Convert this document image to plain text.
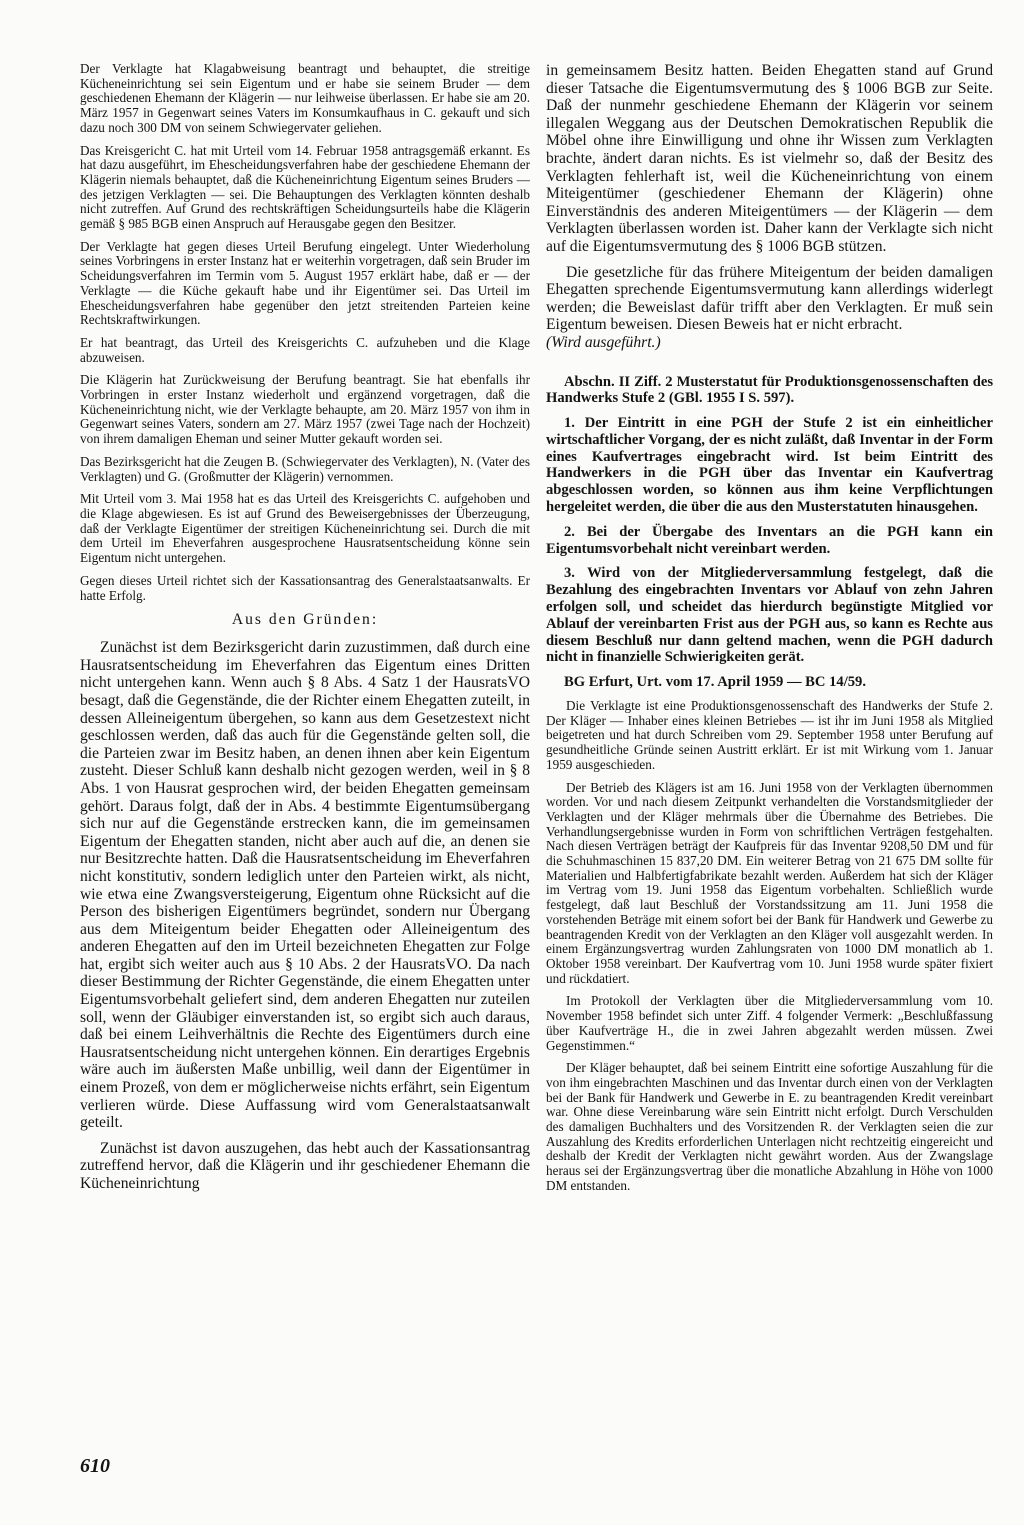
Der Verklagte hat Klagabweisung beantragt und behauptet, die streitige Kücheneinrichtung sei sein Eigentum und er habe sie seinem Bruder — dem geschiedenen Ehemann der Klägerin — nur leihweise überlassen. Er habe sie am 20. März 1957 in Gegenwart seines Vaters im Konsumkaufhaus in C. gekauft und sich dazu noch 300 DM von seinem Schwiegervater geliehen.

Das Kreisgericht C. hat mit Urteil vom 14. Februar 1958 antragsgemäß erkannt. Es hat dazu ausgeführt, im Ehescheidungsverfahren habe der geschiedene Ehemann der Klägerin niemals behauptet, daß die Kücheneinrichtung Eigentum seines Bruders — des jetzigen Verklagten — sei. Die Behauptungen des Verklagten könnten deshalb nicht zutreffen. Auf Grund des rechtskräftigen Scheidungsurteils habe die Klägerin gemäß § 985 BGB einen Anspruch auf Herausgabe gegen den Besitzer.

Der Verklagte hat gegen dieses Urteil Berufung eingelegt. Unter Wiederholung seines Vorbringens in erster Instanz hat er weiterhin vorgetragen, daß sein Bruder im Scheidungsverfahren im Termin vom 5. August 1957 erklärt habe, daß er — der Verklagte — die Küche gekauft habe und ihr Eigentümer sei. Das Urteil im Ehescheidungsverfahren habe gegenüber den jetzt streitenden Parteien keine Rechtskraftwirkungen.

Er hat beantragt, das Urteil des Kreisgerichts C. aufzuheben und die Klage abzuweisen.

Die Klägerin hat Zurückweisung der Berufung beantragt. Sie hat ebenfalls ihr Vorbringen in erster Instanz wiederholt und ergänzend vorgetragen, daß die Kücheneinrichtung nicht, wie der Verklagte behaupte, am 20. März 1957 von ihm in Gegenwart seines Vaters, sondern am 27. März 1957 (zwei Tage nach der Hochzeit) von ihrem damaligen Eheman und seiner Mutter gekauft worden sei.

Das Bezirksgericht hat die Zeugen B. (Schwiegervater des Verklagten), N. (Vater des Verklagten) und G. (Großmutter der Klägerin) vernommen.

Mit Urteil vom 3. Mai 1958 hat es das Urteil des Kreisgerichts C. aufgehoben und die Klage abgewiesen. Es ist auf Grund des Beweisergebnisses der Überzeugung, daß der Verklagte Eigentümer der streitigen Kücheneinrichtung sei. Durch die mit dem Urteil im Eheverfahren ausgesprochene Hausratsentscheidung könne sein Eigentum nicht untergehen.

Gegen dieses Urteil richtet sich der Kassationsantrag des Generalstaatsanwalts. Er hatte Erfolg.

Aus den Gründen:

Zunächst ist dem Bezirksgericht darin zuzustimmen, daß durch eine Hausratsentscheidung im Eheverfahren das Eigentum eines Dritten nicht untergehen kann. Wenn auch § 8 Abs. 4 Satz 1 der HausratsVO besagt, daß die Gegenstände, die der Richter einem Ehegatten zuteilt, in dessen Alleineigentum übergehen, so kann aus dem Gesetzestext nicht geschlossen werden, daß das auch für die Gegenstände gelten soll, die die Parteien zwar im Besitz haben, an denen ihnen aber kein Eigentum zusteht. Dieser Schluß kann deshalb nicht gezogen werden, weil in § 8 Abs. 1 von Hausrat gesprochen wird, der beiden Ehegatten gemeinsam gehört. Daraus folgt, daß der in Abs. 4 bestimmte Eigentumsübergang sich nur auf die Gegenstände erstrecken kann, die im gemeinsamen Eigentum der Ehegatten standen, nicht aber auch auf die, an denen sie nur Besitzrechte hatten. Daß die Hausratsentscheidung im Eheverfahren nicht konstitutiv, sondern lediglich unter den Parteien wirkt, als nicht, wie etwa eine Zwangsversteigerung, Eigentum ohne Rücksicht auf die Person des bisherigen Eigentümers begründet, sondern nur Übergang aus dem Miteigentum beider Ehegatten oder Alleineigentum des anderen Ehegatten auf den im Urteil bezeichneten Ehegatten zur Folge hat, ergibt sich weiter auch aus § 10 Abs. 2 der HausratsVO. Da nach dieser Bestimmung der Richter Gegenstände, die einem Ehegatten unter Eigentumsvorbehalt geliefert sind, dem anderen Ehegatten nur zuteilen soll, wenn der Gläubiger einverstanden ist, so ergibt sich auch daraus, daß bei einem Leihverhältnis die Rechte des Eigentümers durch eine Hausratsentscheidung nicht untergehen können. Ein derartiges Ergebnis wäre auch im äußersten Maße unbillig, weil dann der Eigentümer in einem Prozeß, von dem er möglicherweise nichts erfährt, sein Eigentum verlieren würde. Diese Auffassung wird vom Generalstaatsanwalt geteilt.

Zunächst ist davon auszugehen, das hebt auch der Kassationsantrag zutreffend hervor, daß die Klägerin und ihr geschiedener Ehemann die Kücheneinrichtung

in gemeinsamem Besitz hatten. Beiden Ehegatten stand auf Grund dieser Tatsache die Eigentumsvermutung des § 1006 BGB zur Seite. Daß der nunmehr geschiedene Ehemann der Klägerin vor seinem illegalen Weggang aus der Deutschen Demokratischen Republik die Möbel ohne ihre Einwilligung und ohne ihr Wissen zum Verklagten brachte, ändert daran nichts. Es ist vielmehr so, daß der Besitz des Verklagten fehlerhaft ist, weil die Kücheneinrichtung von einem Miteigentümer (geschiedener Ehemann der Klägerin) ohne Einverständnis des anderen Miteigentümers — der Klägerin — dem Verklagten überlassen worden ist. Daher kann der Verklagte sich nicht auf die Eigentumsvermutung des § 1006 BGB stützen.

Die gesetzliche für das frühere Miteigentum der beiden damaligen Ehegatten sprechende Eigentumsvermutung kann allerdings widerlegt werden; die Beweislast dafür trifft aber den Verklagten. Er muß sein Eigentum beweisen. Diesen Beweis hat er nicht erbracht.

(Wird ausgeführt.)

Abschn. II Ziff. 2 Musterstatut für Produktionsgenossenschaften des Handwerks Stufe 2 (GBl. 1955 I S. 597).

1. Der Eintritt in eine PGH der Stufe 2 ist ein einheitlicher wirtschaftlicher Vorgang, der es nicht zuläßt, daß Inventar in der Form eines Kaufvertrages eingebracht wird. Ist beim Eintritt des Handwerkers in die PGH über das Inventar ein Kaufvertrag abgeschlossen worden, so können aus ihm keine Verpflichtungen hergeleitet werden, die über die aus den Musterstatuten hinausgehen.

2. Bei der Übergabe des Inventars an die PGH kann ein Eigentumsvorbehalt nicht vereinbart werden.

3. Wird von der Mitgliederversammlung festgelegt, daß die Bezahlung des eingebrachten Inventars vor Ablauf von zehn Jahren erfolgen soll, und scheidet das hierdurch begünstigte Mitglied vor Ablauf der vereinbarten Frist aus der PGH aus, so kann es Rechte aus diesem Beschluß nur dann geltend machen, wenn die PGH dadurch nicht in finanzielle Schwierigkeiten gerät.

BG Erfurt, Urt. vom 17. April 1959 — BC 14/59.

Die Verklagte ist eine Produktionsgenossenschaft des Handwerks der Stufe 2. Der Kläger — Inhaber eines kleinen Betriebes — ist ihr im Juni 1958 als Mitglied beigetreten und hat durch Schreiben vom 29. September 1958 unter Berufung auf gesundheitliche Gründe seinen Austritt erklärt. Er ist mit Wirkung vom 1. Januar 1959 ausgeschieden.

Der Betrieb des Klägers ist am 16. Juni 1958 von der Verklagten übernommen worden. Vor und nach diesem Zeitpunkt verhandelten die Vorstandsmitglieder der Verklagten und der Kläger mehrmals über die Übernahme des Betriebes. Die Verhandlungsergebnisse wurden in Form von schriftlichen Verträgen festgehalten. Nach diesen Verträgen beträgt der Kaufpreis für das Inventar 9208,50 DM und für die Schuhmaschinen 15 837,20 DM. Ein weiterer Betrag von 21 675 DM sollte für Materialien und Halbfertigfabrikate bezahlt werden. Außerdem hat sich der Kläger im Vertrag vom 19. Juni 1958 das Eigentum vorbehalten. Schließlich wurde festgelegt, daß laut Beschluß der Vorstandssitzung am 11. Juni 1958 die vorstehenden Beträge mit einem sofort bei der Bank für Handwerk und Gewerbe zu beantragenden Kredit von der Verklagten an den Kläger voll ausgezahlt werden. In einem Ergänzungsvertrag wurden Zahlungsraten von 1000 DM monatlich ab 1. Oktober 1958 vereinbart. Der Kaufvertrag vom 10. Juni 1958 wurde später fixiert und rückdatiert.

Im Protokoll der Verklagten über die Mitgliederversammlung vom 10. November 1958 befindet sich unter Ziff. 4 folgender Vermerk: „Beschlußfassung über Kaufverträge H., die in zwei Jahren abgezahlt werden müssen. Zwei Gegenstimmen.“

Der Kläger behauptet, daß bei seinem Eintritt eine sofortige Auszahlung für die von ihm eingebrachten Maschinen und das Inventar durch einen von der Verklagten bei der Bank für Handwerk und Gewerbe in E. zu beantragenden Kredit vereinbart war. Ohne diese Vereinbarung wäre sein Eintritt nicht erfolgt. Durch Verschulden des damaligen Buchhalters und des Vorsitzenden R. der Verklagten seien die zur Auszahlung des Kredits erforderlichen Unterlagen nicht rechtzeitig eingereicht und deshalb der Kredit der Verklagten nicht gewährt worden. Aus der Zwangslage heraus sei der Ergänzungsvertrag über die monatliche Abzahlung in Höhe von 1000 DM entstanden.

610
